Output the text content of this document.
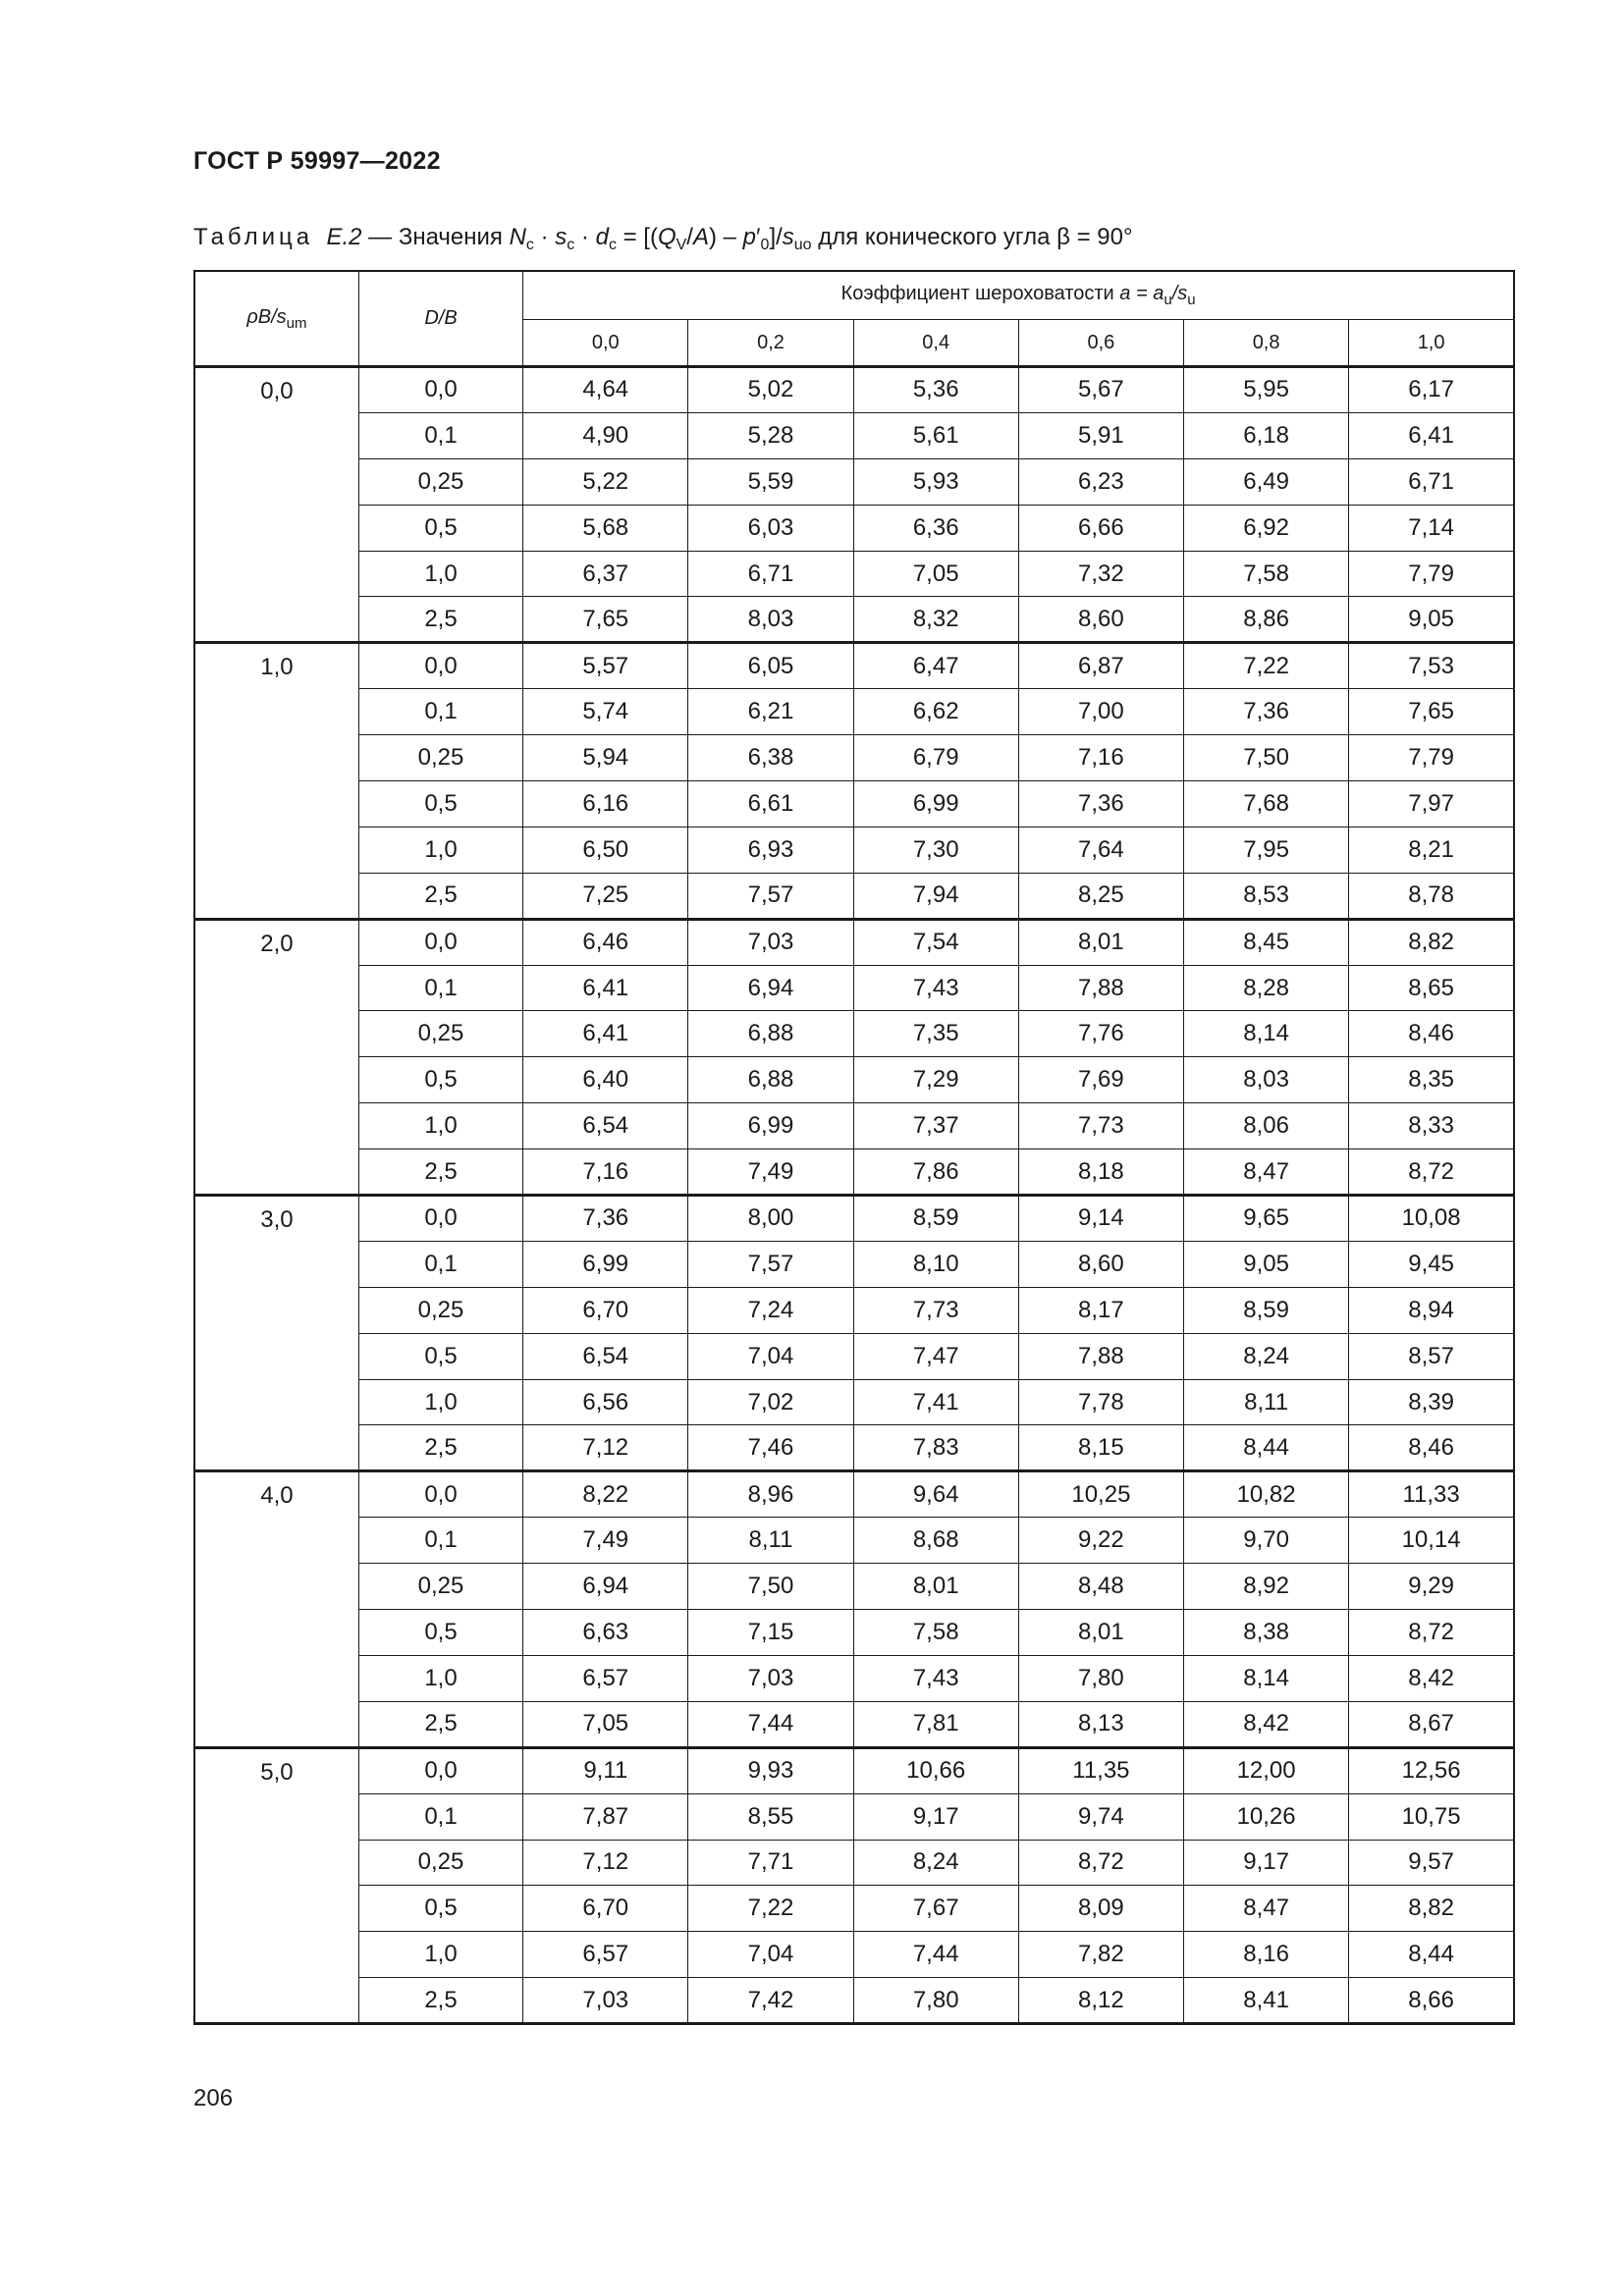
ГОСТ Р 59997—2022
Таблица E.2 — Значения $N_c \cdot s_c \cdot d_c = [(Q_V/A) - p'_0]/s_{uo}$ для конического угла β = 90°
$\rho B/s_{um}$	D/B	Коэффициент шероховатости $a = a_u/s_u$
		0,0	0,2	0,4	0,6	0,8	1,0
0,0	0,0	4,64	5,02	5,36	5,67	5,95	6,17
	0,1	4,90	5,28	5,61	5,91	6,18	6,41
	0,25	5,22	5,59	5,93	6,23	6,49	6,71
	0,5	5,68	6,03	6,36	6,66	6,92	7,14
	1,0	6,37	6,71	7,05	7,32	7,58	7,79
	2,5	7,65	8,03	8,32	8,60	8,86	9,05
1,0	0,0	5,57	6,05	6,47	6,87	7,22	7,53
	0,1	5,74	6,21	6,62	7,00	7,36	7,65
	0,25	5,94	6,38	6,79	7,16	7,50	7,79
	0,5	6,16	6,61	6,99	7,36	7,68	7,97
	1,0	6,50	6,93	7,30	7,64	7,95	8,21
	2,5	7,25	7,57	7,94	8,25	8,53	8,78
2,0	0,0	6,46	7,03	7,54	8,01	8,45	8,82
	0,1	6,41	6,94	7,43	7,88	8,28	8,65
	0,25	6,41	6,88	7,35	7,76	8,14	8,46
	0,5	6,40	6,88	7,29	7,69	8,03	8,35
	1,0	6,54	6,99	7,37	7,73	8,06	8,33
	2,5	7,16	7,49	7,86	8,18	8,47	8,72
3,0	0,0	7,36	8,00	8,59	9,14	9,65	10,08
	0,1	6,99	7,57	8,10	8,60	9,05	9,45
	0,25	6,70	7,24	7,73	8,17	8,59	8,94
	0,5	6,54	7,04	7,47	7,88	8,24	8,57
	1,0	6,56	7,02	7,41	7,78	8,11	8,39
	2,5	7,12	7,46	7,83	8,15	8,44	8,46
4,0	0,0	8,22	8,96	9,64	10,25	10,82	11,33
	0,1	7,49	8,11	8,68	9,22	9,70	10,14
	0,25	6,94	7,50	8,01	8,48	8,92	9,29
	0,5	6,63	7,15	7,58	8,01	8,38	8,72
	1,0	6,57	7,03	7,43	7,80	8,14	8,42
	2,5	7,05	7,44	7,81	8,13	8,42	8,67
5,0	0,0	9,11	9,93	10,66	11,35	12,00	12,56
	0,1	7,87	8,55	9,17	9,74	10,26	10,75
	0,25	7,12	7,71	8,24	8,72	9,17	9,57
	0,5	6,70	7,22	7,67	8,09	8,47	8,82
	1,0	6,57	7,04	7,44	7,82	8,16	8,44
	2,5	7,03	7,42	7,80	8,12	8,41	8,66
206
